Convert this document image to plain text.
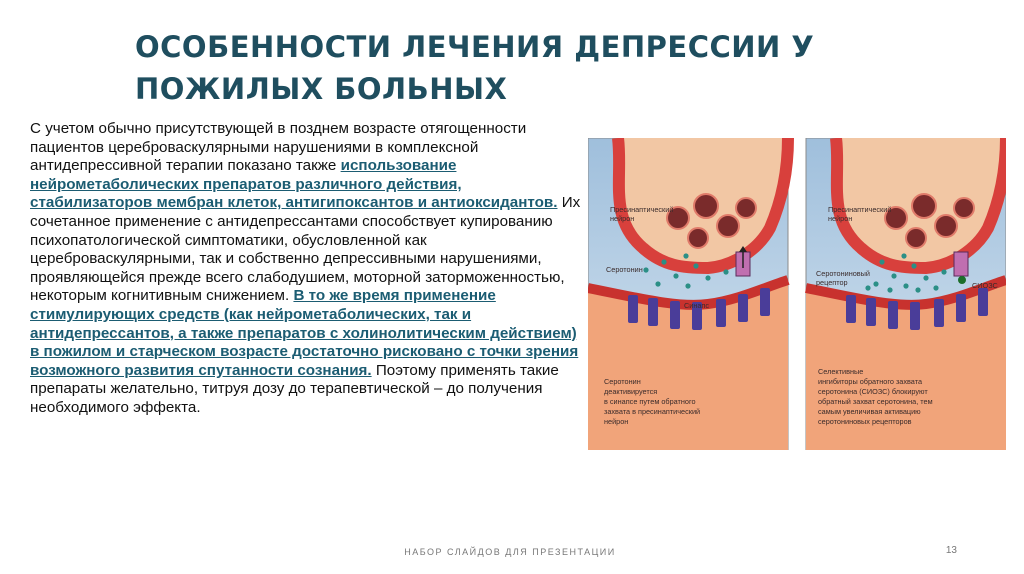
ОСОБЕННОСТИ ЛЕЧЕНИЯ ДЕПРЕССИИ У
ПОЖИЛЫХ БОЛЬНЫХ

С учетом обычно присутствующей в позднем возрасте отягощенности пациентов цереброваскулярными нарушениями в комплексной антидепрессивной терапии показано также использование нейрометаболических препаратов различного действия, стабилизаторов мембран клеток, антигипоксантов и антиоксидантов. Их сочетанное применение с антидепрессантами способствует купированию психопатологической симптоматики, обусловленной как цереброваскулярными, так и собственно депрессивными нарушениями, проявляющейся прежде всего слабодушием, моторной заторможенностью, некоторым когнитивным снижением. В то же время применение стимулирующих средств (как нейрометаболических, так и антидепрессантов, а также препаратов с холинолитическим действием) в пожилом и старческом возрасте достаточно рисковано с точки зрения возможного развития спутанности сознания. Поэтому применять такие препараты желательно, титруя дозу до терапевтической – до получения необходимого эффекта.

Пресинаптический
нейрон
Серотонин
Синапс
Серотонин
деактивируется
в синапсе путем обратного
захвата в пресинаптический
нейрон
Пресинаптический
нейрон
Серотониновый
рецептор	СИОЗС
Селективные
ингибиторы обратного захвата
серотонина (СИОЗС) блокируют
обратный захват серотонина, тем
самым увеличивая активацию
серотониновых рецепторов
НАБОР СЛАЙДОВ ДЛЯ ПРЕЗЕНТАЦИИ	13
